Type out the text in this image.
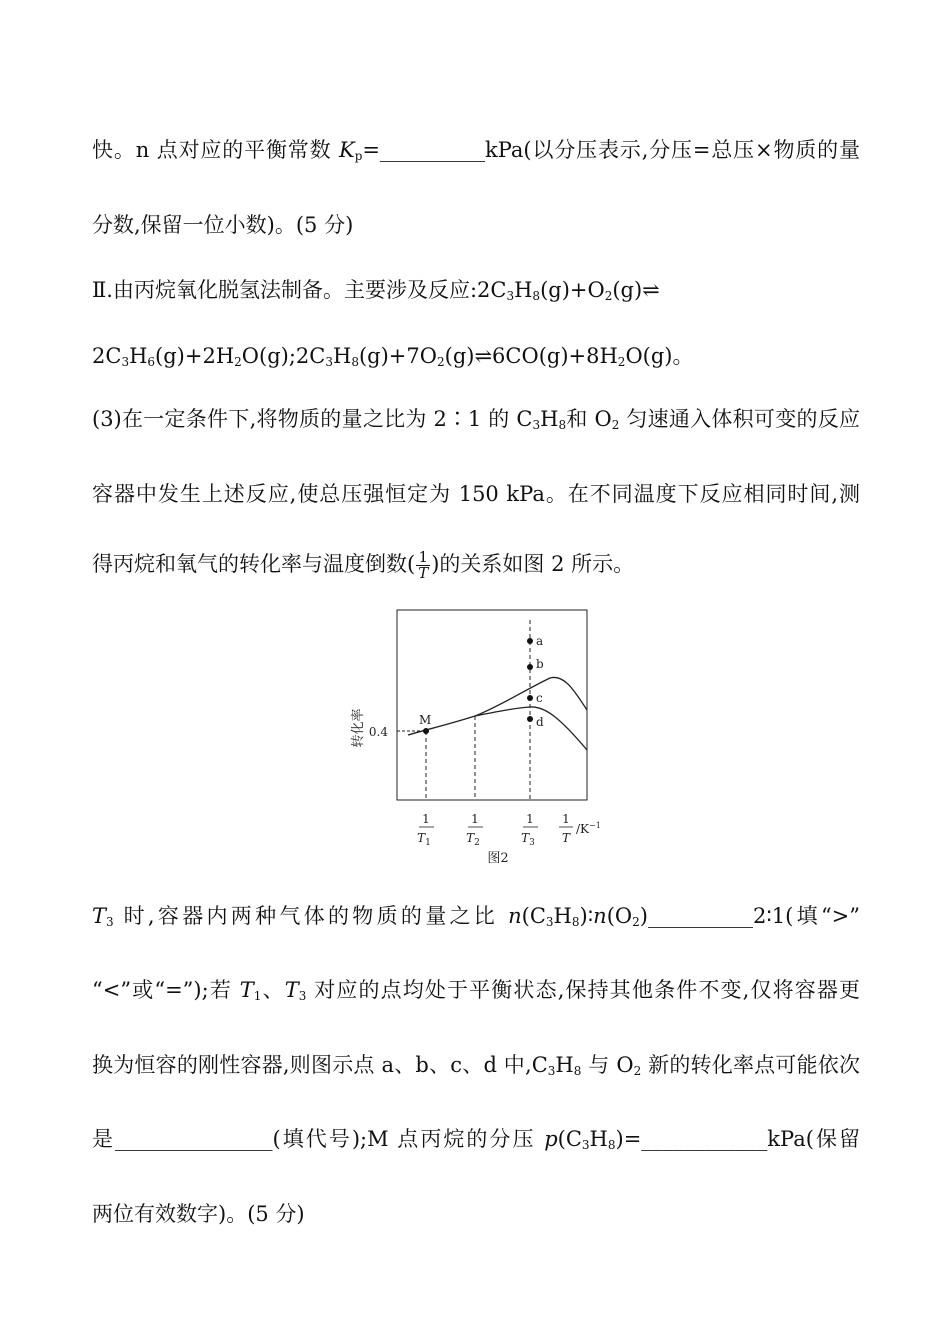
快。n 点对应的平衡常数 $K_p=\_\_\_\_\_\_\_\_\_\_kPa$(以分压表示,分压=总压×物质的量
分数,保留一位小数)。(5 分)
Ⅱ.由丙烷氧化脱氢法制备。主要涉及反应$:2C_3H_8(g)+O_2(g)\rightleftharpoons$
$2C_3H_6(g)+2H_2O(g);2C_3H_8(g)+7O_2(g)\rightleftharpoons 6CO(g)+8H_2O(g)$。
(3)在一定条件下,将物质的量之比为 2∶1 的 $C_3H_8$和 $O_2$ 匀速通入体积可变的反应
容器中发生上述反应,使总压强恒定为 150 kPa。在不同温度下反应相同时间,测
得丙烷和氧气的转化率与温度倒数( $\frac{1}{T}$ )的关系如图 2 所示。
转化率 0.4
M
a
b
c
d
1
$T_1$
1
$T_2$
1
$T_3$
1
T
$/K^{-1}$
图2
$T_3$ 时,容器内两种气体的物质的量之比 $n(C_3H_8)∶n(O_2)\_\_\_\_\_\_\_\_\_\_2∶1$(填“>”
“<”或“=”);若 $T_1$、$T_3$ 对应的点均处于平衡状态,保持其他条件不变,仅将容器更
换为恒容的刚性容器,则图示点 a、b、c、d 中$,C_3H_8$ 与 $O_2$ 新的转化率点可能依次
是_______________(填代号);M 点丙烷的分压 $p(C_3H_8)=\_\_\_\_\_\_\_\_\_\_\_\_kPa$(保留
两位有效数字)。(5 分)
